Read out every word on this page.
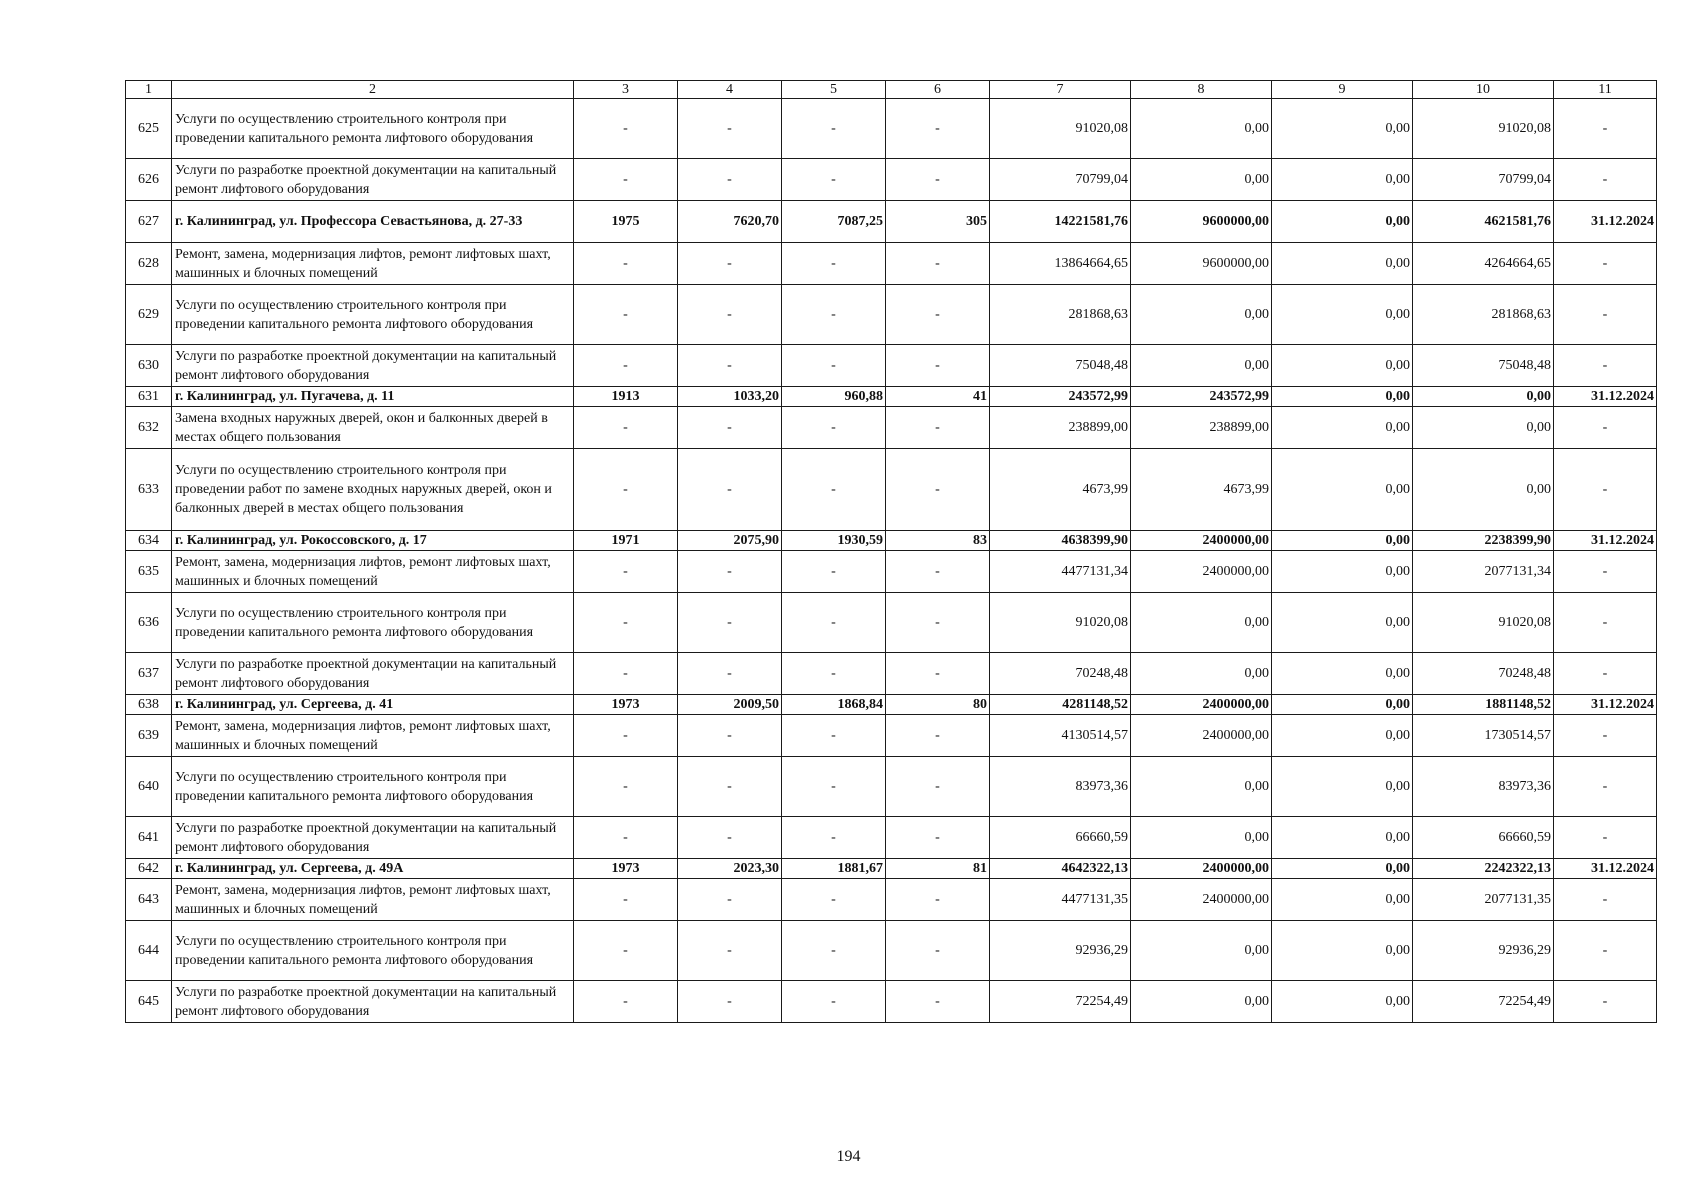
1	2	3	4	5	6	7	8	9	10	11
625	Услуги по осуществлению строительного контроля при проведении капитального ремонта лифтового оборудования	-	-	-	-	91020,08	0,00	0,00	91020,08	-
626	Услуги по разработке проектной документации на капитальный ремонт лифтового оборудования	-	-	-	-	70799,04	0,00	0,00	70799,04	-
627	г. Калининград, ул. Профессора Севастьянова, д. 27-33	1975	7620,70	7087,25	305	14221581,76	9600000,00	0,00	4621581,76	31.12.2024
628	Ремонт, замена, модернизация лифтов, ремонт лифтовых шахт, машинных и блочных помещений	-	-	-	-	13864664,65	9600000,00	0,00	4264664,65	-
629	Услуги по осуществлению строительного контроля при проведении капитального ремонта лифтового оборудования	-	-	-	-	281868,63	0,00	0,00	281868,63	-
630	Услуги по разработке проектной документации на капитальный ремонт лифтового оборудования	-	-	-	-	75048,48	0,00	0,00	75048,48	-
631	г. Калининград, ул. Пугачева, д. 11	1913	1033,20	960,88	41	243572,99	243572,99	0,00	0,00	31.12.2024
632	Замена входных наружных дверей, окон и балконных дверей в местах общего пользования	-	-	-	-	238899,00	238899,00	0,00	0,00	-
633	Услуги по осуществлению строительного контроля при проведении работ по замене входных наружных дверей, окон и балконных дверей в местах общего пользования	-	-	-	-	4673,99	4673,99	0,00	0,00	-
634	г. Калининград, ул. Рокоссовского, д. 17	1971	2075,90	1930,59	83	4638399,90	2400000,00	0,00	2238399,90	31.12.2024
635	Ремонт, замена, модернизация лифтов, ремонт лифтовых шахт, машинных и блочных помещений	-	-	-	-	4477131,34	2400000,00	0,00	2077131,34	-
636	Услуги по осуществлению строительного контроля при проведении капитального ремонта лифтового оборудования	-	-	-	-	91020,08	0,00	0,00	91020,08	-
637	Услуги по разработке проектной документации на капитальный ремонт лифтового оборудования	-	-	-	-	70248,48	0,00	0,00	70248,48	-
638	г. Калининград, ул. Сергеева, д. 41	1973	2009,50	1868,84	80	4281148,52	2400000,00	0,00	1881148,52	31.12.2024
639	Ремонт, замена, модернизация лифтов, ремонт лифтовых шахт, машинных и блочных помещений	-	-	-	-	4130514,57	2400000,00	0,00	1730514,57	-
640	Услуги по осуществлению строительного контроля при проведении капитального ремонта лифтового оборудования	-	-	-	-	83973,36	0,00	0,00	83973,36	-
641	Услуги по разработке проектной документации на капитальный ремонт лифтового оборудования	-	-	-	-	66660,59	0,00	0,00	66660,59	-
642	г. Калининград, ул. Сергеева, д. 49А	1973	2023,30	1881,67	81	4642322,13	2400000,00	0,00	2242322,13	31.12.2024
643	Ремонт, замена, модернизация лифтов, ремонт лифтовых шахт, машинных и блочных помещений	-	-	-	-	4477131,35	2400000,00	0,00	2077131,35	-
644	Услуги по осуществлению строительного контроля при проведении капитального ремонта лифтового оборудования	-	-	-	-	92936,29	0,00	0,00	92936,29	-
645	Услуги по разработке проектной документации на капитальный ремонт лифтового оборудования	-	-	-	-	72254,49	0,00	0,00	72254,49	-
194
